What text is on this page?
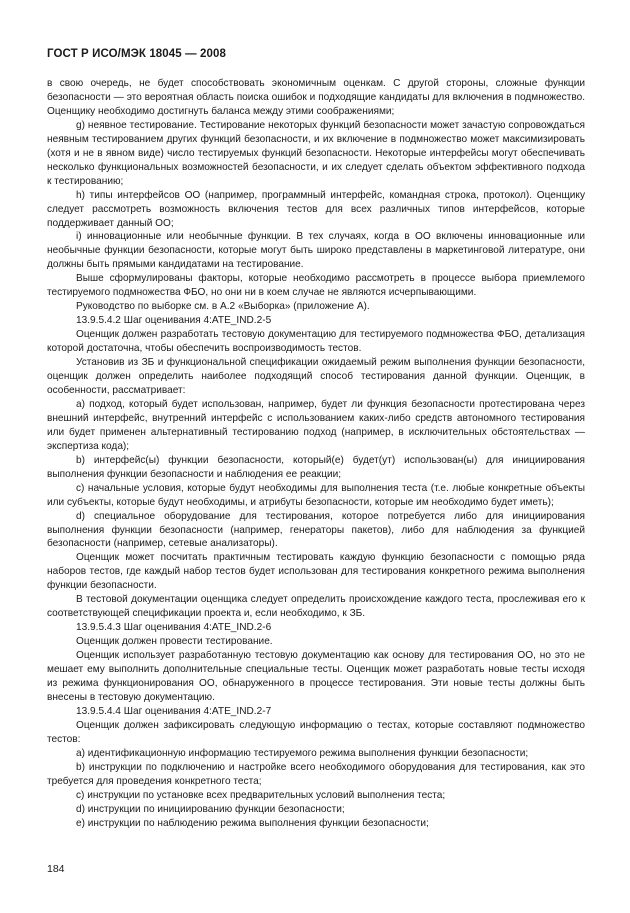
ГОСТ Р ИСО/МЭК 18045 — 2008

в свою очередь, не будет способствовать экономичным оценкам. С другой стороны, сложные функции безопасности — это вероятная область поиска ошибок и подходящие кандидаты для включения в подмножество. Оценщику необходимо достигнуть баланса между этими соображениями;

g) неявное тестирование. Тестирование некоторых функций безопасности может зачастую сопровождаться неявным тестированием других функций безопасности, и их включение в подмножество может максимизировать (хотя и не в явном виде) число тестируемых функций безопасности. Некоторые интерфейсы могут обеспечивать несколько функциональных возможностей безопасности, и их следует сделать объектом эффективного подхода к тестированию;

h) типы интерфейсов ОО (например, программный интерфейс, командная строка, протокол). Оценщику следует рассмотреть возможность включения тестов для всех различных типов интерфейсов, которые поддерживает данный ОО;

i) инновационные или необычные функции. В тех случаях, когда в ОО включены инновационные или необычные функции безопасности, которые могут быть широко представлены в маркетинговой литературе, они должны быть прямыми кандидатами на тестирование.

Выше сформулированы факторы, которые необходимо рассмотреть в процессе выбора приемлемого тестируемого подмножества ФБО, но они ни в коем случае не являются исчерпывающими.

Руководство по выборке см. в А.2 «Выборка» (приложение А).

13.9.5.4.2 Шаг оценивания 4:ATE_IND.2-5

Оценщик должен разработать тестовую документацию для тестируемого подмножества ФБО, детализация которой достаточна, чтобы обеспечить воспроизводимость тестов.

Установив из ЗБ и функциональной спецификации ожидаемый режим выполнения функции безопасности, оценщик должен определить наиболее подходящий способ тестирования данной функции. Оценщик, в особенности, рассматривает:

а) подход, который будет использован, например, будет ли функция безопасности протестирована через внешний интерфейс, внутренний интерфейс с использованием каких-либо средств автономного тестирования или будет применен альтернативный тестированию подход (например, в исключительных обстоятельствах — экспертиза кода);

b) интерфейс(ы) функции безопасности, который(е) будет(ут) использован(ы) для инициирования выполнения функции безопасности и наблюдения ее реакции;

c) начальные условия, которые будут необходимы для выполнения теста (т.е. любые конкретные объекты или субъекты, которые будут необходимы, и атрибуты безопасности, которые им необходимо будет иметь);

d) специальное оборудование для тестирования, которое потребуется либо для инициирования выполнения функции безопасности (например, генераторы пакетов), либо для наблюдения за функцией безопасности (например, сетевые анализаторы).

Оценщик может посчитать практичным тестировать каждую функцию безопасности с помощью ряда наборов тестов, где каждый набор тестов будет использован для тестирования конкретного режима выполнения функции безопасности.

В тестовой документации оценщика следует определить происхождение каждого теста, прослеживая его к соответствующей спецификации проекта и, если необходимо, к ЗБ.

13.9.5.4.3 Шаг оценивания 4:ATE_IND.2-6

Оценщик должен провести тестирование.

Оценщик использует разработанную тестовую документацию как основу для тестирования ОО, но это не мешает ему выполнить дополнительные специальные тесты. Оценщик может разработать новые тесты исходя из режима функционирования ОО, обнаруженного в процессе тестирования. Эти новые тесты должны быть внесены в тестовую документацию.

13.9.5.4.4 Шаг оценивания 4:ATE_IND.2-7

Оценщик должен зафиксировать следующую информацию о тестах, которые составляют подмножество тестов:

а) идентификационную информацию тестируемого режима выполнения функции безопасности;

b) инструкции по подключению и настройке всего необходимого оборудования для тестирования, как это требуется для проведения конкретного теста;

c) инструкции по установке всех предварительных условий выполнения теста;

d) инструкции по инициированию функции безопасности;

e) инструкции по наблюдению режима выполнения функции безопасности;

184
